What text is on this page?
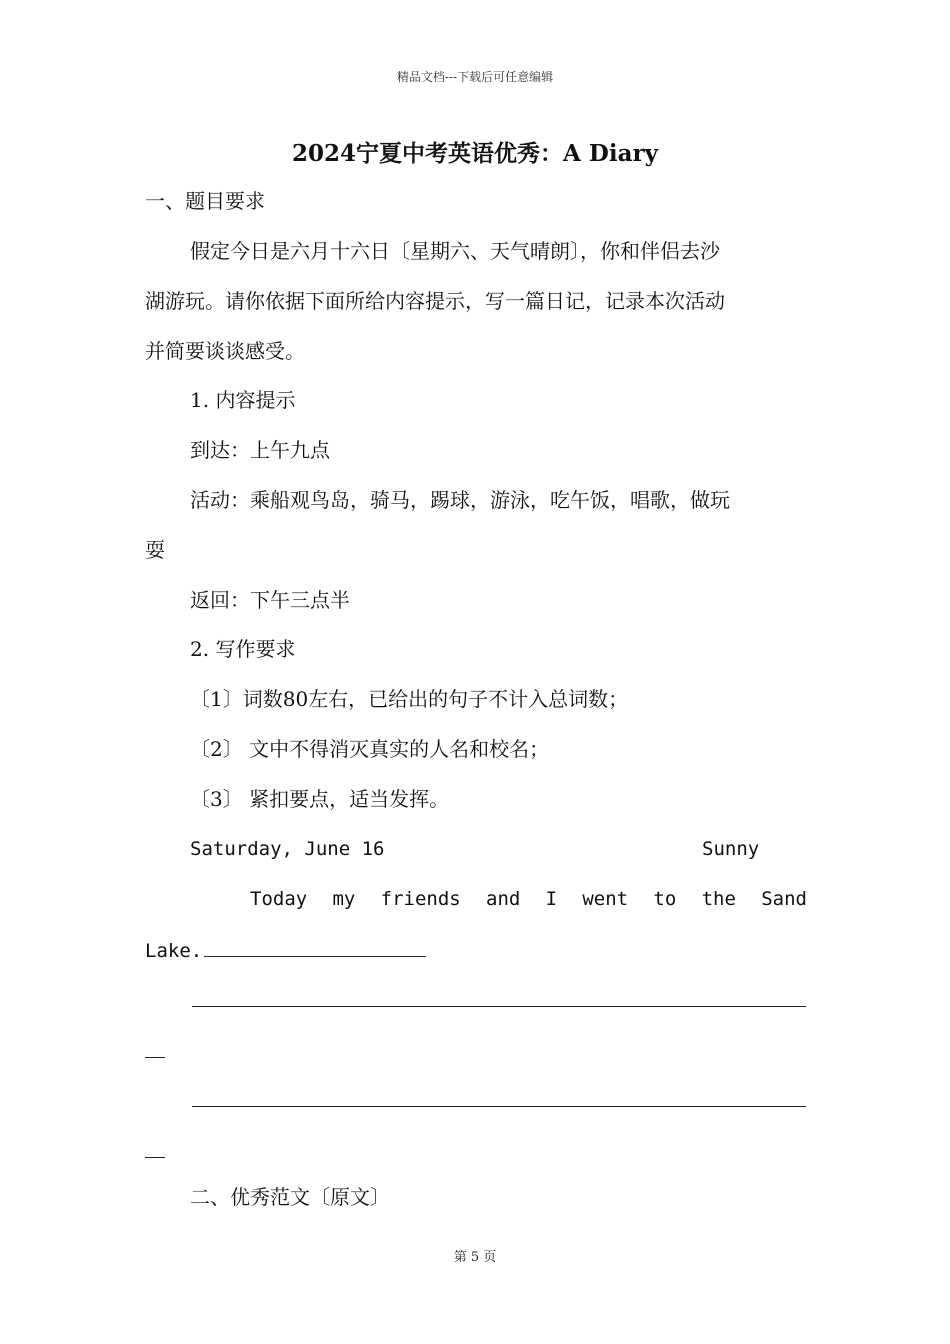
精品文档---下载后可任意编辑
2024宁夏中考英语优秀：A Diary
一、题目要求
假定今日是六月十六日〔星期六、天气晴朗〕，你和伴侣去沙
湖游玩。请你依据下面所给内容提示，写一篇日记，记录本次活动
并简要谈谈感受。
1. 内容提示
到达：上午九点
活动：乘船观鸟岛，骑马，踢球，游泳，吃午饭，唱歌，做玩
耍
返回：下午三点半
2. 写作要求
〔1〕词数80左右，已给出的句子不计入总词数；
〔2〕 文中不得消灭真实的人名和校名；
〔3〕 紧扣要点，适当发挥。
Saturday, June 16	Sunny
Today my friends and I went to the Sand
Lake.
二、优秀范文〔原文〕
第 5 页
